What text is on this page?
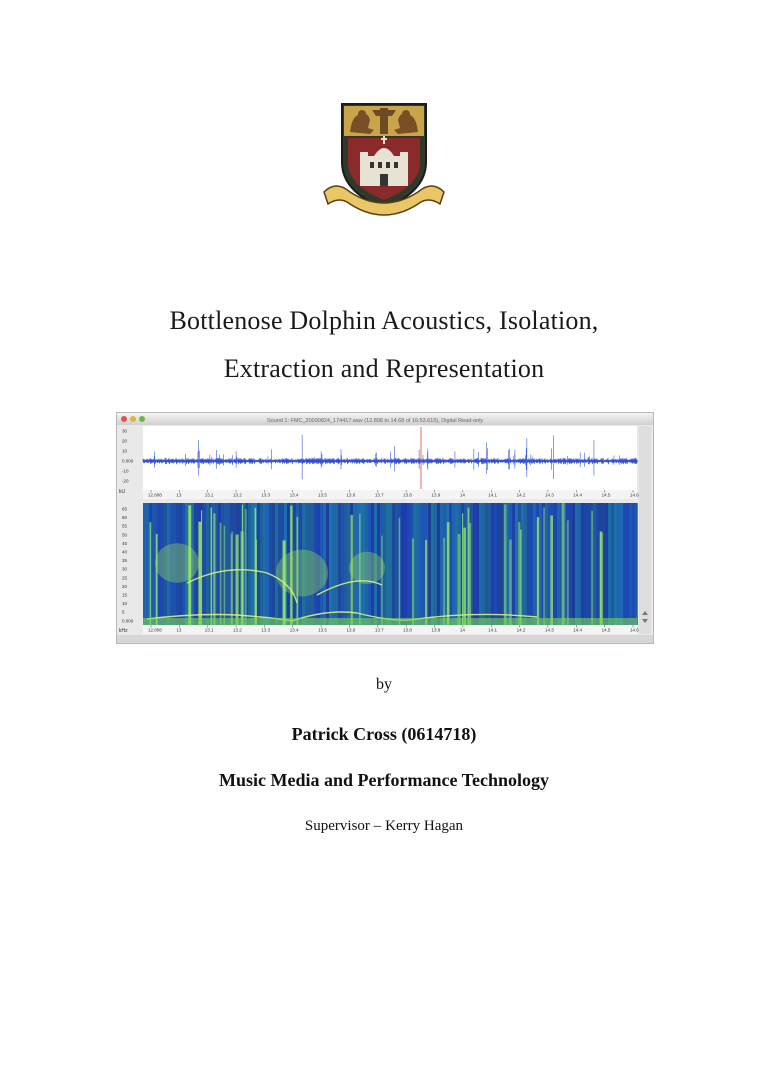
Bottlenose Dolphin Acoustics, Isolation,
Extraction and Representation
Sound 1: FMC_20090824_174417.wav (12.808 to 14.68 of 16:53.615), Digital Read-only
30
20
10
0.000
-10
-20
kU	12.808	13	13.1	13.2	13.3	13.4	13.5	13.6	13.7	13.8	13.9	14	14.1	14.2	14.3	14.4	14.5	14.6
65
60
55
50
45
40
35
30
25
20
15
10
5
0.000
kHz	12.808	13	13.1	13.2	13.3	13.4	13.5	13.6	13.7	13.8	13.9	14	14.1	14.2	14.3	14.4	14.5	14.6
by
Patrick Cross (0614718)
Music Media and Performance Technology
Supervisor – Kerry Hagan
